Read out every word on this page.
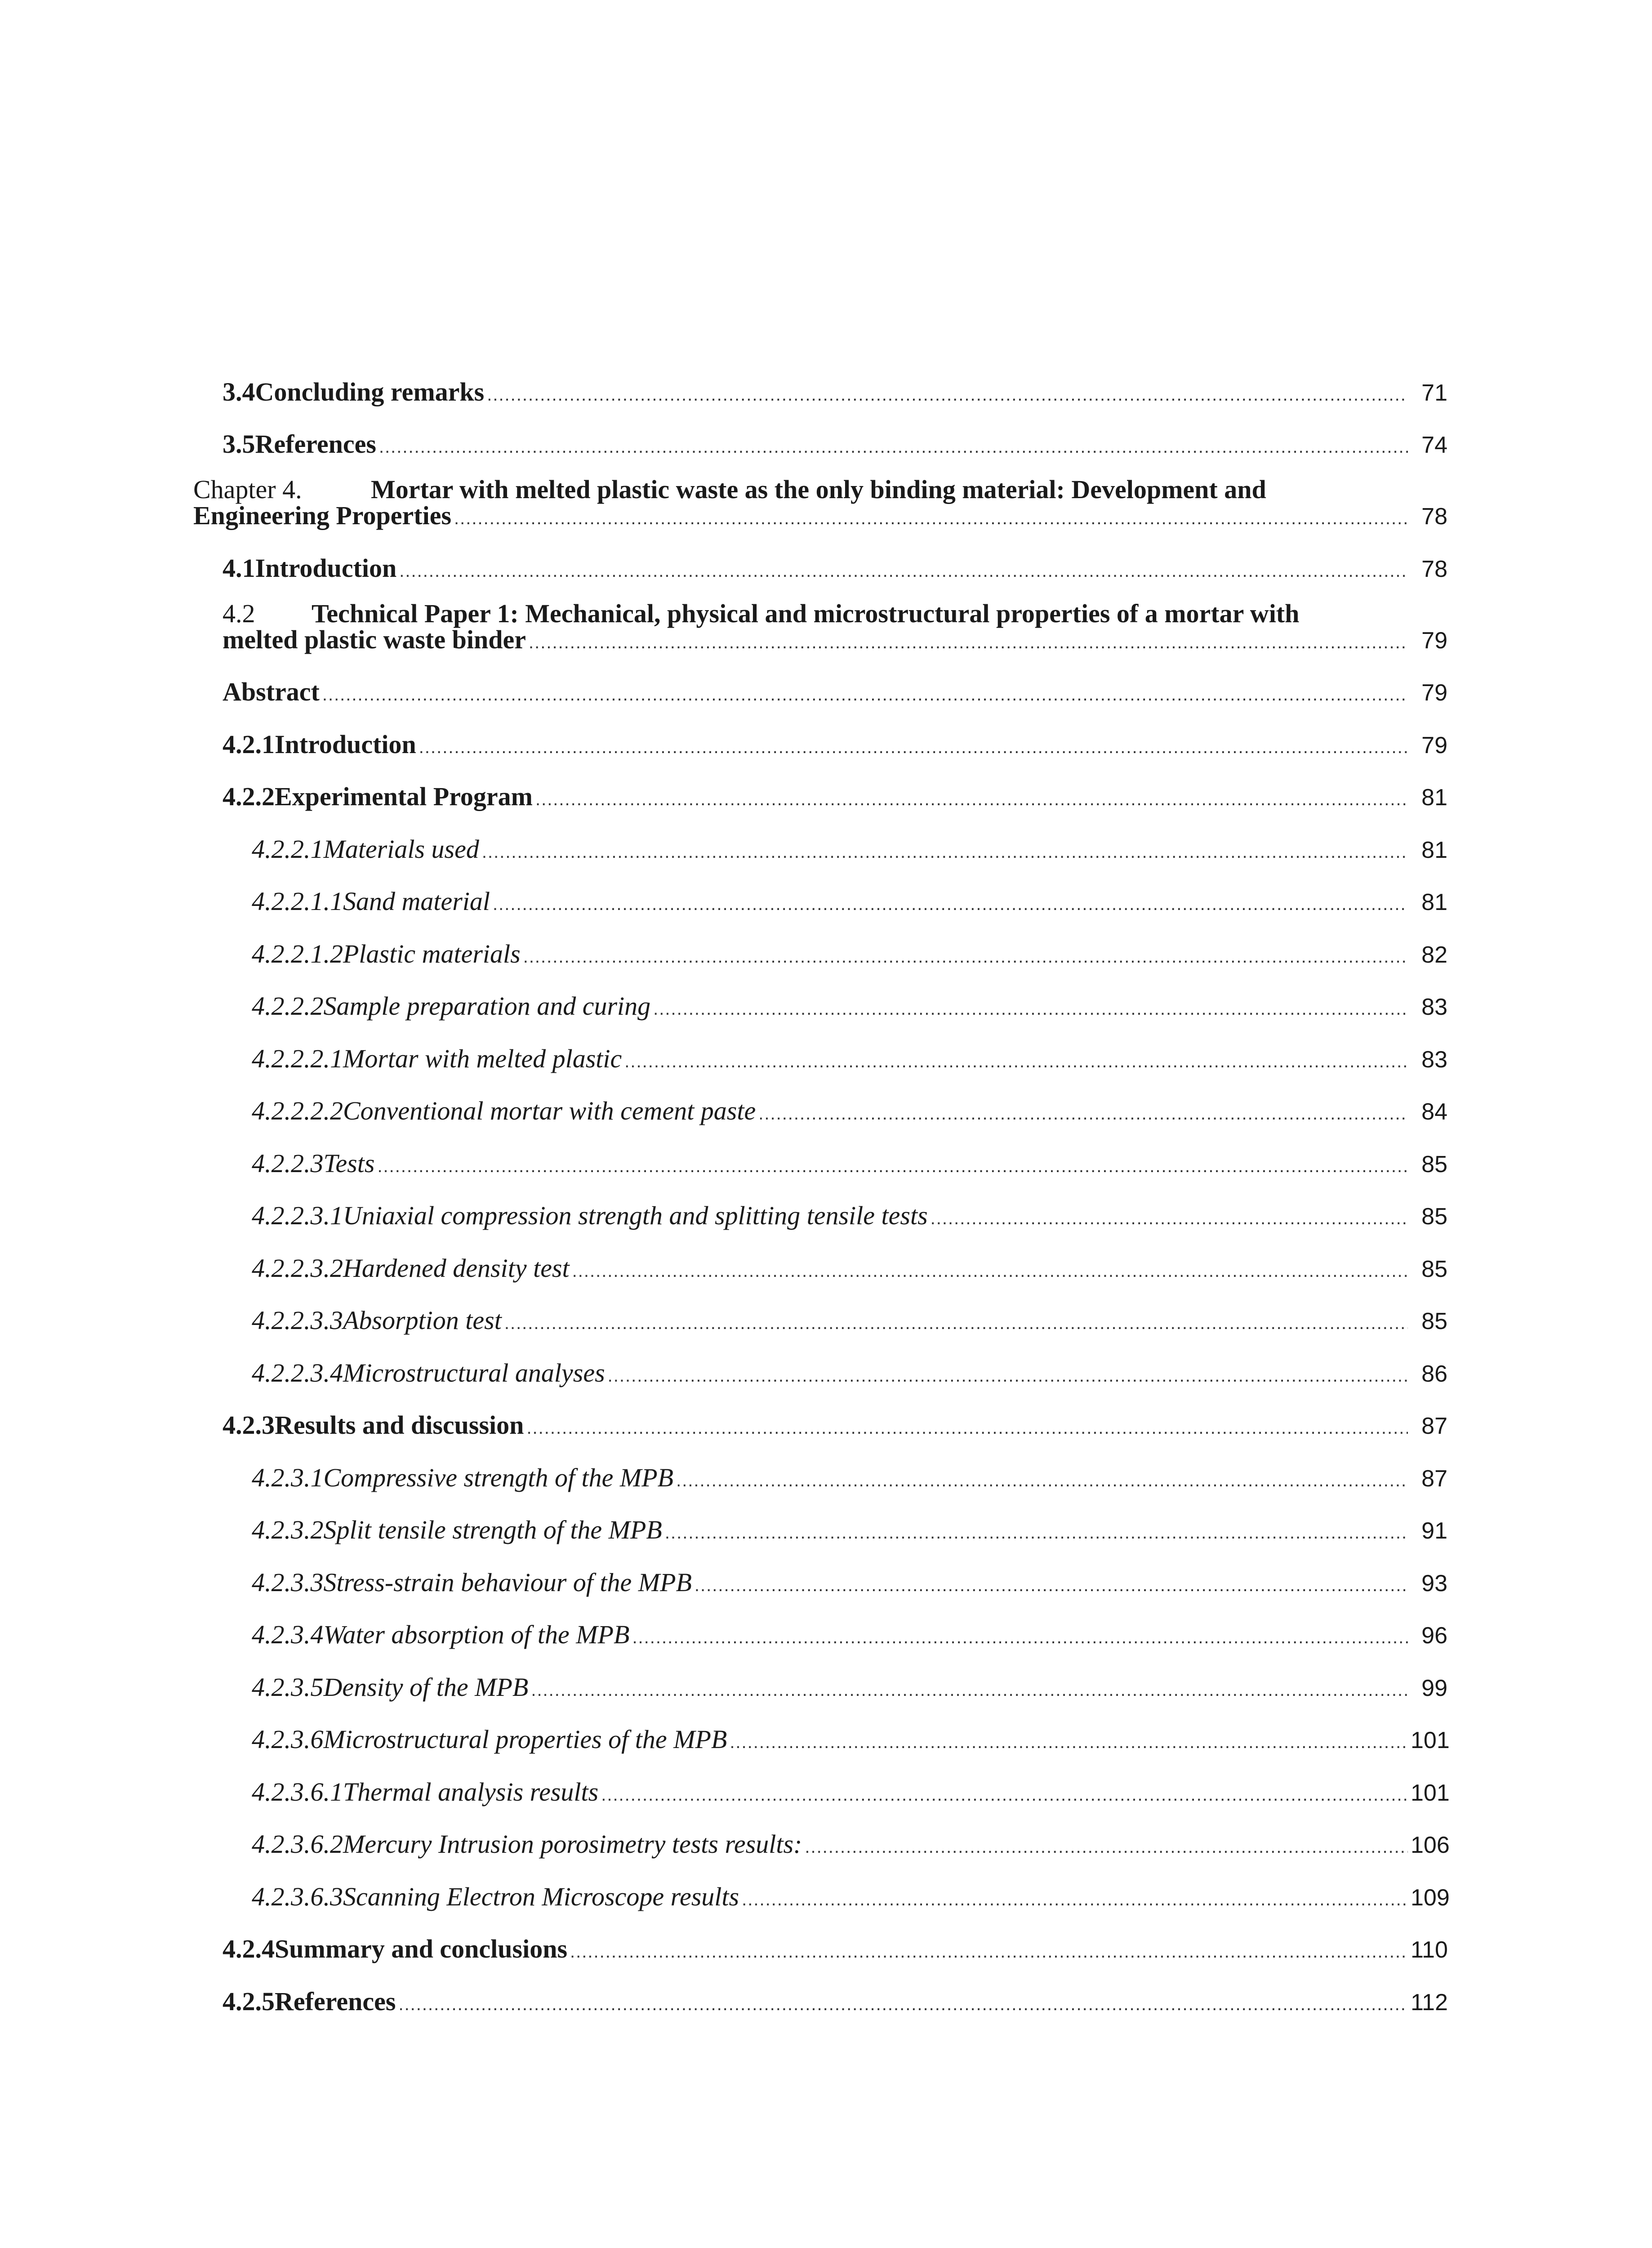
3.4 Concluding remarks .....	71
3.5 References .....	74
Chapter 4.	Mortar with melted plastic waste as the only binding material: Development and
Engineering Properties .....	78
4.1 Introduction .....	78
4.2 Technical Paper 1: Mechanical, physical and microstructural properties of a mortar with
melted plastic waste binder .....	79
Abstract .....	79
4.2.1 Introduction .....	79
4.2.2 Experimental Program .....	81
4.2.2.1 Materials used .....	81
4.2.2.1.1 Sand material .....	81
4.2.2.1.2 Plastic materials .....	82
4.2.2.2 Sample preparation and curing .....	83
4.2.2.2.1 Mortar with melted plastic .....	83
4.2.2.2.2 Conventional mortar with cement paste .....	84
4.2.2.3 Tests .....	85
4.2.2.3.1 Uniaxial compression strength and splitting tensile tests .....	85
4.2.2.3.2 Hardened density test .....	85
4.2.2.3.3 Absorption test .....	85
4.2.2.3.4 Microstructural analyses .....	86
4.2.3 Results and discussion .....	87
4.2.3.1 Compressive strength of the MPB .....	87
4.2.3.2 Split tensile strength of the MPB .....	91
4.2.3.3 Stress-strain behaviour of the MPB .....	93
4.2.3.4 Water absorption of the MPB .....	96
4.2.3.5 Density of the MPB .....	99
4.2.3.6 Microstructural properties of the MPB .....	101
4.2.3.6.1 Thermal analysis results .....	101
4.2.3.6.2 Mercury Intrusion porosimetry tests results: .....	106
4.2.3.6.3 Scanning Electron Microscope results .....	109
4.2.4 Summary and conclusions .....	110
4.2.5 References .....	112
